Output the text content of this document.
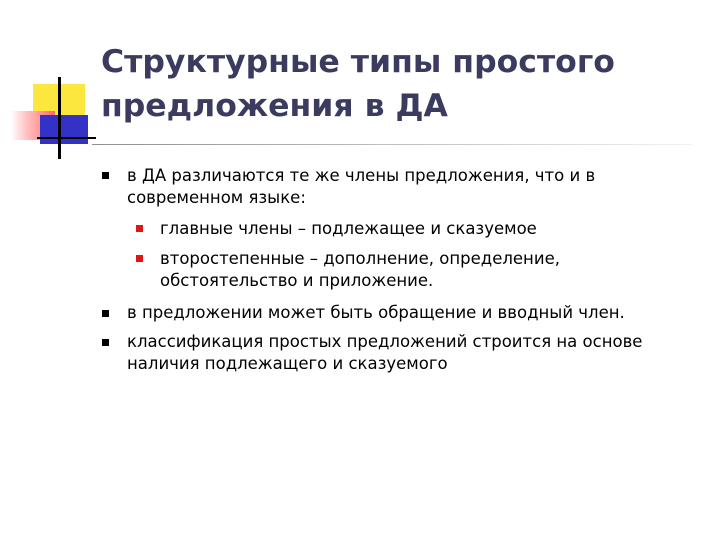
Структурные типы простого
предложения в ДА
в ДА различаются те же члены предложения, что и в
современном языке:
главные члены – подлежащее и сказуемое
второстепенные – дополнение, определение,
обстоятельство и приложение.
в предложении может быть обращение и вводный член.
классификация простых предложений строится на основе
наличия подлежащего и сказуемого
